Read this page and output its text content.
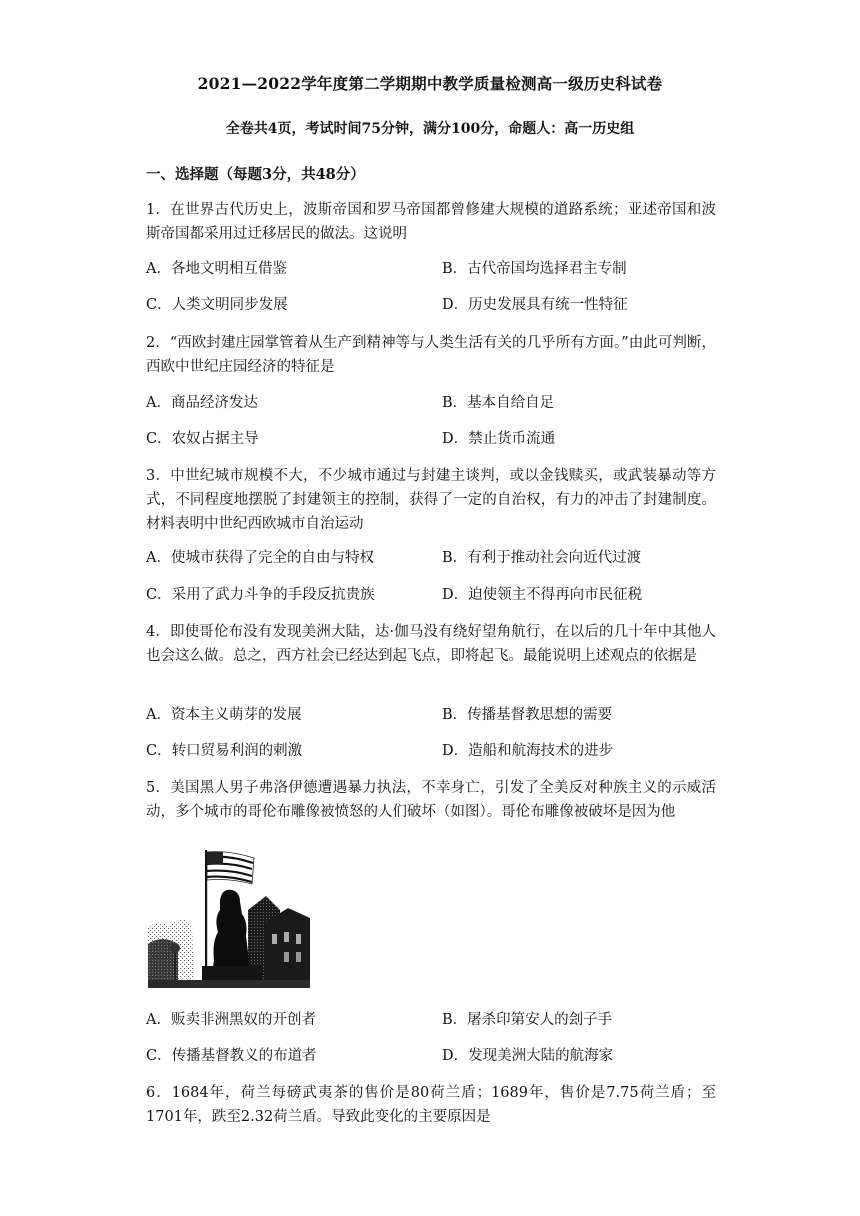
2021—2022学年度第二学期期中教学质量检测高一级历史科试卷
全卷共4页，考试时间75分钟，满分100分，命题人：高一历史组
一、选择题（每题3分，共48分）
1．在世界古代历史上，波斯帝国和罗马帝国都曾修建大规模的道路系统；亚述帝国和波斯帝国都采用过迁移居民的做法。这说明
A．各地文明相互借鉴	B．古代帝国均选择君主专制
C．人类文明同步发展	D．历史发展具有统一性特征
2．“西欧封建庄园掌管着从生产到精神等与人类生活有关的几乎所有方面。”由此可判断，西欧中世纪庄园经济的特征是
A．商品经济发达	B．基本自给自足
C．农奴占据主导	D．禁止货币流通
3．中世纪城市规模不大，不少城市通过与封建主谈判，或以金钱赎买，或武装暴动等方式，不同程度地摆脱了封建领主的控制，获得了一定的自治权，有力的冲击了封建制度。材料表明中世纪西欧城市自治运动
A．使城市获得了完全的自由与特权	B．有利于推动社会向近代过渡
C．采用了武力斗争的手段反抗贵族	D．迫使领主不得再向市民征税
4．即使哥伦布没有发现美洲大陆，达·伽马没有绕好望角航行，在以后的几十年中其他人也会这么做。总之，西方社会已经达到起飞点，即将起飞。最能说明上述观点的依据是
A．资本主义萌芽的发展	B．传播基督教思想的需要
C．转口贸易利润的刺激	D．造船和航海技术的进步
5．美国黑人男子弗洛伊德遭遇暴力执法，不幸身亡，引发了全美反对种族主义的示威活动，多个城市的哥伦布雕像被愤怒的人们破坏（如图）。哥伦布雕像被破坏是因为他
A．贩卖非洲黑奴的开创者	B．屠杀印第安人的刽子手
C．传播基督教义的布道者	D．发现美洲大陆的航海家
6．1684年，荷兰每磅武夷茶的售价是80荷兰盾；1689年，售价是7.75荷兰盾；至1701年，跌至2.32荷兰盾。导致此变化的主要原因是
